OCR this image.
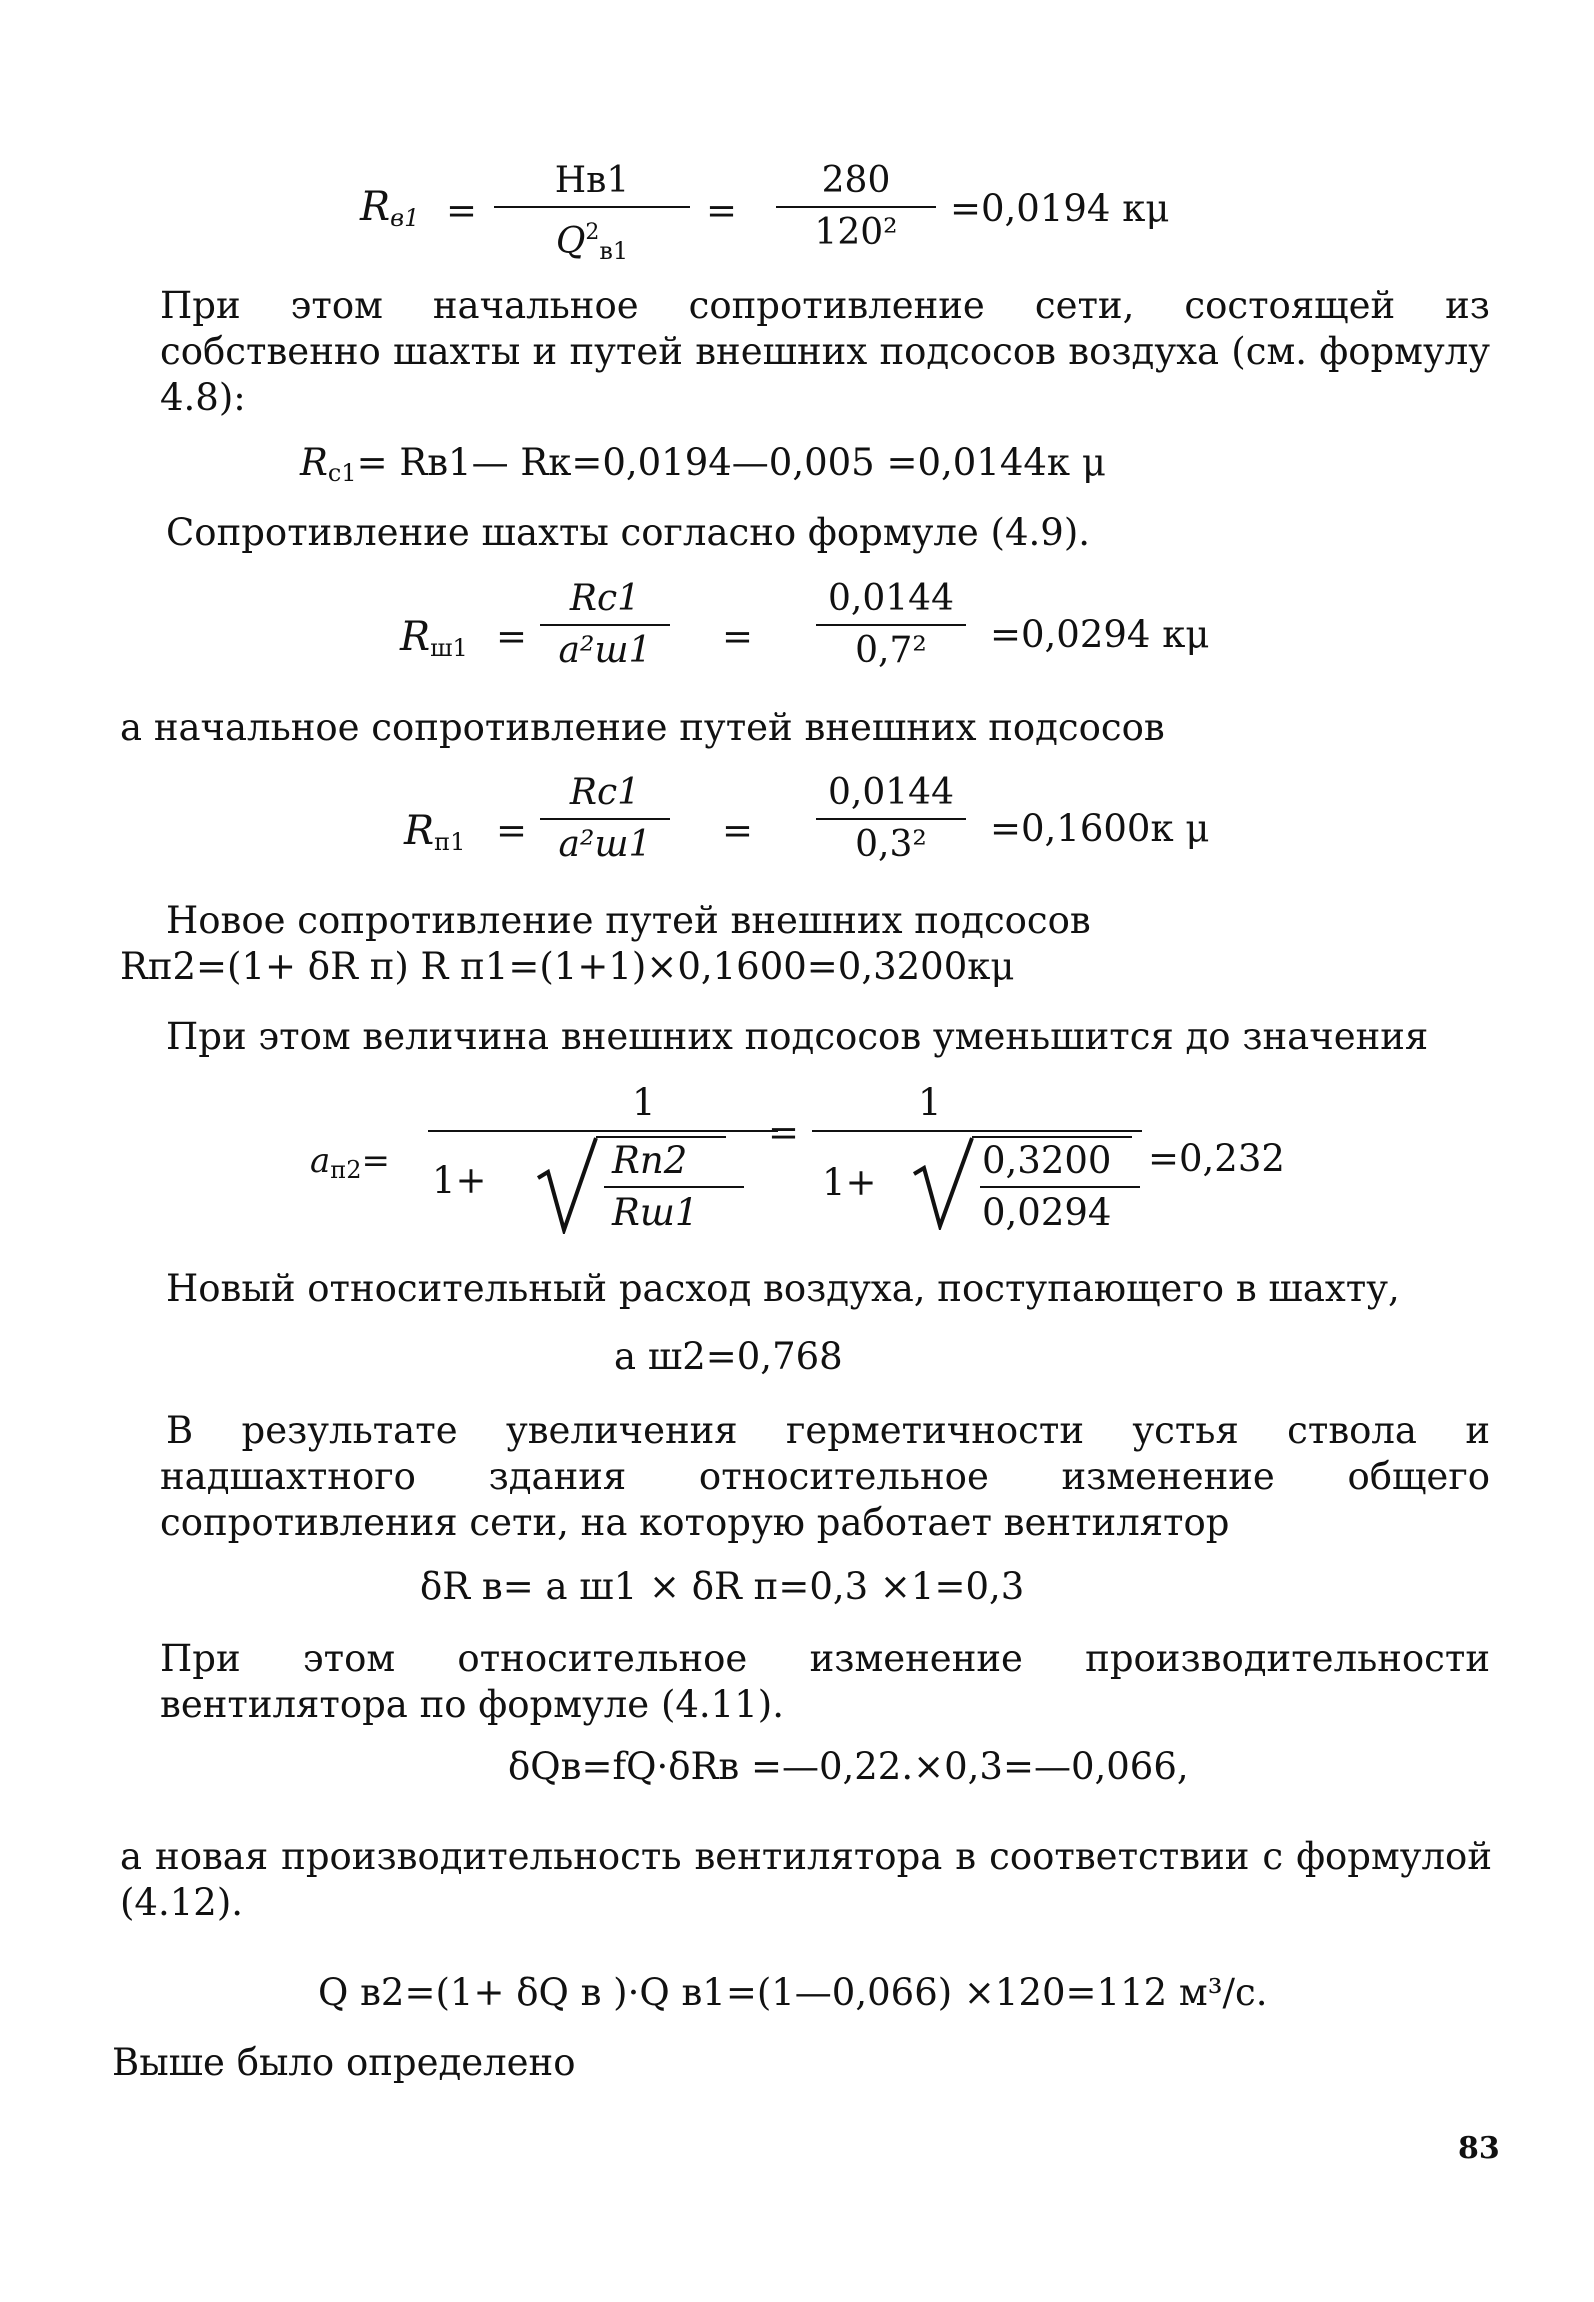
$R_{в1}$ =
Нв1
$Q^2_{в1}$
= $\frac{280}{\text{120²}} =0,0194$ кμ
При этом начальное сопротивление сети, состоящей из собственно шахты и путей внешних подсосов воздуха (см. формулу 4.8):
$R_{с1}=$ Rв1— Rк=0,0194—0,005 =0,0144к μ
Сопротивление шахты согласно формуле (4.9).
$R_{ш1}$ =
Rс1
а²ш1	= $\frac{0,0144}{\text{0,7²}} =0,0294$ кμ
а начальное сопротивление путей внешних подсосов
$R_{п1}$ =
Rс1
а²ш1	= $\frac{0,0144}{\text{0,3²}} =0,1600к$ μ
Новое сопротивление путей внешних подсосов
Rп2=(1+ δR п) R п1=(1+1)×0,1600=0,3200кμ
При этом величина внешних подсосов уменьшится до значения
$а_{п2}=$
1
1+	Rп2
Rш1
=
1
1+
0,3200
0,0294
=0,232
Новый относительный расход воздуха, поступающего в шахту,
а ш2=0,768
В результате увеличения герметичности устья ствола и надшахтного здания относительное изменение общего сопротивления сети, на которую работает вентилятор
δR в= а ш1 × δR п=0,3 ×1=0,3
При этом относительное изменение производительности вентилятора по формуле (4.11).
δQв=fQ·δRв =—0,22.×0,3=—0,066,
а новая производительность вентилятора в соответствии с формулой (4.12).
Q в2=(1+ δQ в )·Q в1=(1—0,066) ×120=112 м³/с.
Выше было определено
83
